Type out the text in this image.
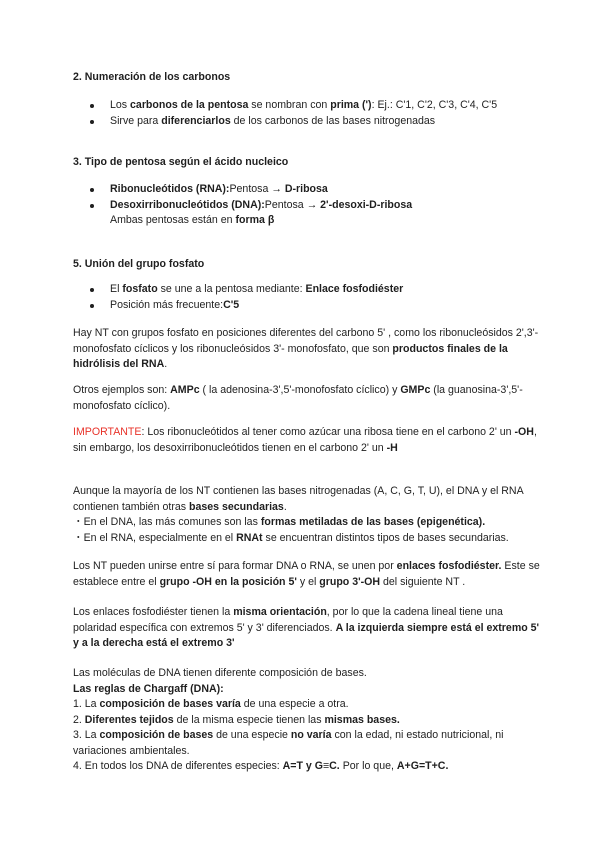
2. Numeración de los carbonos
Los carbonos de la pentosa se nombran con prima ('): Ej.: C'1, C'2, C'3, C'4, C'5
Sirve para diferenciarlos de los carbonos de las bases nitrogenadas
3. Tipo de pentosa según el ácido nucleico
Ribonucleótidos (RNA):Pentosa → D-ribosa
Desoxirribonucleótidos (DNA):Pentosa → 2'-desoxi-D-ribosa
Ambas pentosas están en forma β
5. Unión del grupo fosfato
El fosfato se une a la pentosa mediante: Enlace fosfodiéster
Posición más frecuente:C'5

Hay NT con grupos fosfato en posiciones diferentes del carbono 5' , como los ribonucleósidos 2',3'-monofosfato cíclicos y los ribonucleósidos 3'- monofosfato, que son productos finales de la hidrólisis del RNA.

Otros ejemplos son: AMPc ( la adenosina-3',5'-monofosfato cíclico) y GMPc (la guanosina-3',5'-monofosfato cíclico).

IMPORTANTE: Los ribonucleótidos al tener como azúcar una ribosa tiene en el carbono 2' un -OH, sin embargo, los desoxirribonucleótidos tienen en el carbono 2' un -H

Aunque la mayoría de los NT contienen las bases nitrogenadas (A, C, G, T, U), el DNA y el RNA contienen también otras bases secundarias.
・En el DNA, las más comunes son las formas metiladas de las bases (epigenética).
・En el RNA, especialmente en el RNAt se encuentran distintos tipos de bases secundarias.

Los NT pueden unirse entre sí para formar DNA o RNA, se unen por enlaces fosfodiéster. Este se establece entre el grupo -OH en la posición 5' y el grupo 3'-OH del siguiente NT .

Los enlaces fosfodiéster tienen la misma orientación, por lo que la cadena lineal tiene una polaridad específica con extremos 5' y 3' diferenciados. A la izquierda siempre está el extremo 5' y a la derecha está el extremo 3'

Las moléculas de DNA tienen diferente composición de bases.
Las reglas de Chargaff (DNA):
1. La composición de bases varía de una especie a otra.
2. Diferentes tejidos de la misma especie tienen las mismas bases.
3. La composición de bases de una especie no varía con la edad, ni estado nutricional, ni variaciones ambientales.
4. En todos los DNA de diferentes especies: A=T y G≡C. Por lo que, A+G=T+C.
